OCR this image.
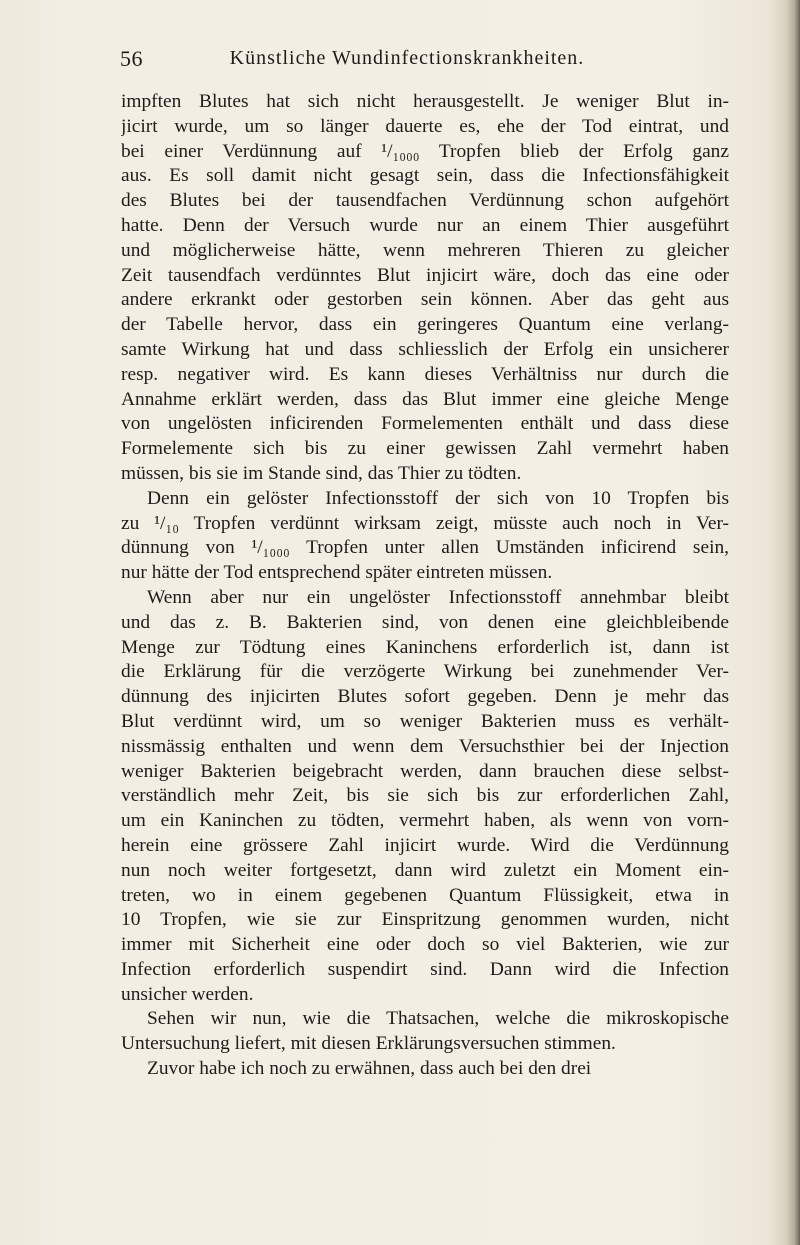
56	Künstliche Wundinfectionskrankheiten.
impften Blutes hat sich nicht herausgestellt. Je weniger Blut in-
jicirt wurde, um so länger dauerte es, ehe der Tod eintrat, und
bei einer Verdünnung auf ¹/₁₀₀₀ Tropfen blieb der Erfolg ganz
aus. Es soll damit nicht gesagt sein, dass die Infectionsfähigkeit
des Blutes bei der tausendfachen Verdünnung schon aufgehört
hatte. Denn der Versuch wurde nur an einem Thier ausgeführt
und möglicherweise hätte, wenn mehreren Thieren zu gleicher
Zeit tausendfach verdünntes Blut injicirt wäre, doch das eine oder
andere erkrankt oder gestorben sein können. Aber das geht aus
der Tabelle hervor, dass ein geringeres Quantum eine verlang-
samte Wirkung hat und dass schliesslich der Erfolg ein unsicherer
resp. negativer wird. Es kann dieses Verhältniss nur durch die
Annahme erklärt werden, dass das Blut immer eine gleiche Menge
von ungelösten inficirenden Formelementen enthält und dass diese
Formelemente sich bis zu einer gewissen Zahl vermehrt haben
müssen, bis sie im Stande sind, das Thier zu tödten.
Denn ein gelöster Infectionsstoff der sich von 10 Tropfen bis
zu ¹/₁₀ Tropfen verdünnt wirksam zeigt, müsste auch noch in Ver-
dünnung von ¹/₁₀₀₀ Tropfen unter allen Umständen inficirend sein,
nur hätte der Tod entsprechend später eintreten müssen.
Wenn aber nur ein ungelöster Infectionsstoff annehmbar bleibt
und das z. B. Bakterien sind, von denen eine gleichbleibende
Menge zur Tödtung eines Kaninchens erforderlich ist, dann ist
die Erklärung für die verzögerte Wirkung bei zunehmender Ver-
dünnung des injicirten Blutes sofort gegeben. Denn je mehr das
Blut verdünnt wird, um so weniger Bakterien muss es verhält-
nissmässig enthalten und wenn dem Versuchsthier bei der Injection
weniger Bakterien beigebracht werden, dann brauchen diese selbst-
verständlich mehr Zeit, bis sie sich bis zur erforderlichen Zahl,
um ein Kaninchen zu tödten, vermehrt haben, als wenn von vorn-
herein eine grössere Zahl injicirt wurde. Wird die Verdünnung
nun noch weiter fortgesetzt, dann wird zuletzt ein Moment ein-
treten, wo in einem gegebenen Quantum Flüssigkeit, etwa in
10 Tropfen, wie sie zur Einspritzung genommen wurden, nicht
immer mit Sicherheit eine oder doch so viel Bakterien, wie zur
Infection erforderlich suspendirt sind. Dann wird die Infection
unsicher werden.
Sehen wir nun, wie die Thatsachen, welche die mikroskopische
Untersuchung liefert, mit diesen Erklärungsversuchen stimmen.
Zuvor habe ich noch zu erwähnen, dass auch bei den drei
